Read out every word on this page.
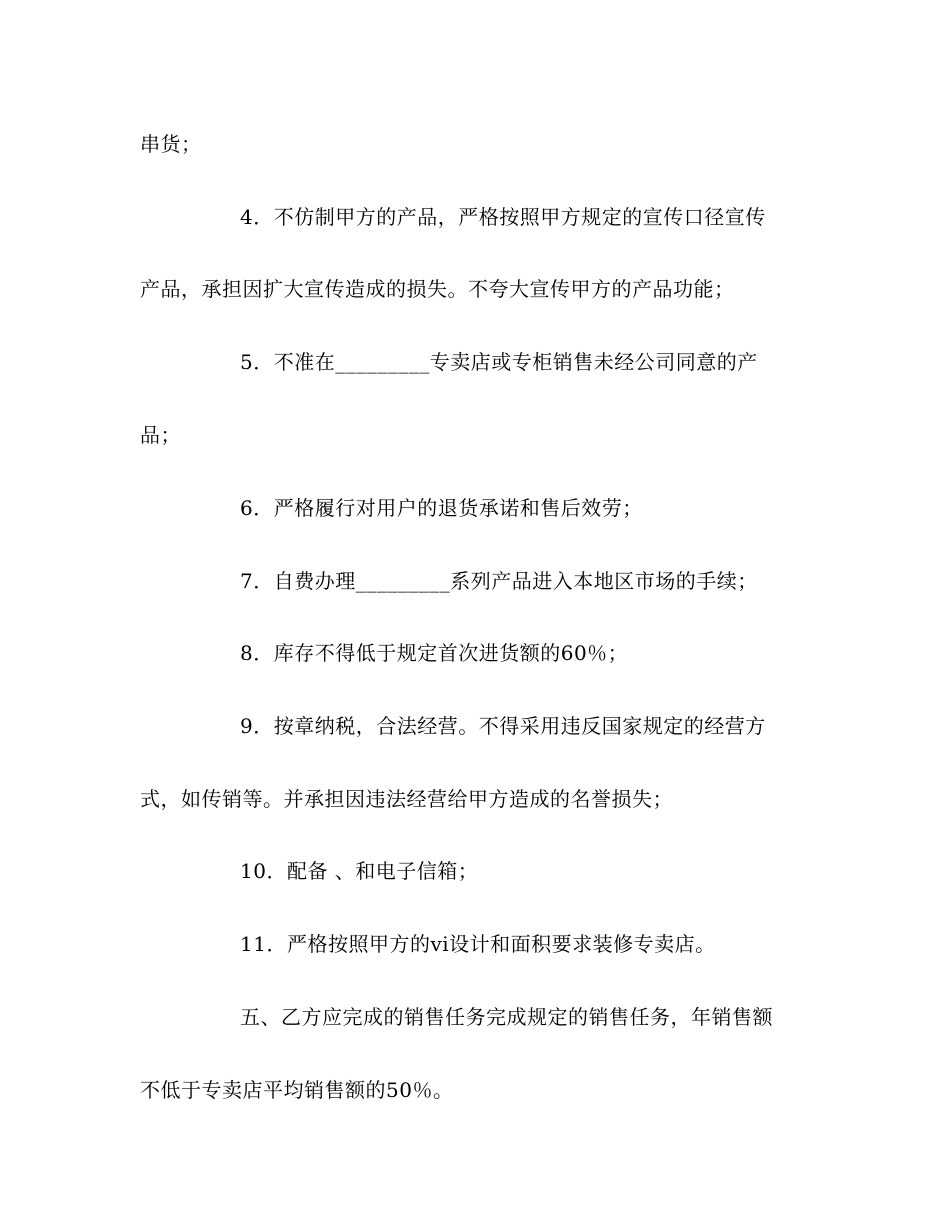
串货；
4．不仿制甲方的产品，严格按照甲方规定的宣传口径宣传
产品，承担因扩大宣传造成的损失。不夸大宣传甲方的产品功能；
5．不准在_________专卖店或专柜销售未经公司同意的产
品；
6．严格履行对用户的退货承诺和售后效劳；
7．自费办理_________系列产品进入本地区市场的手续；
8．库存不得低于规定首次进货额的60％；
9．按章纳税，合法经营。不得采用违反国家规定的经营方
式，如传销等。并承担因违法经营给甲方造成的名誉损失；
10．配备 、和电子信箱；
11．严格按照甲方的vi设计和面积要求装修专卖店。
五、乙方应完成的销售任务完成规定的销售任务，年销售额
不低于专卖店平均销售额的50％。
